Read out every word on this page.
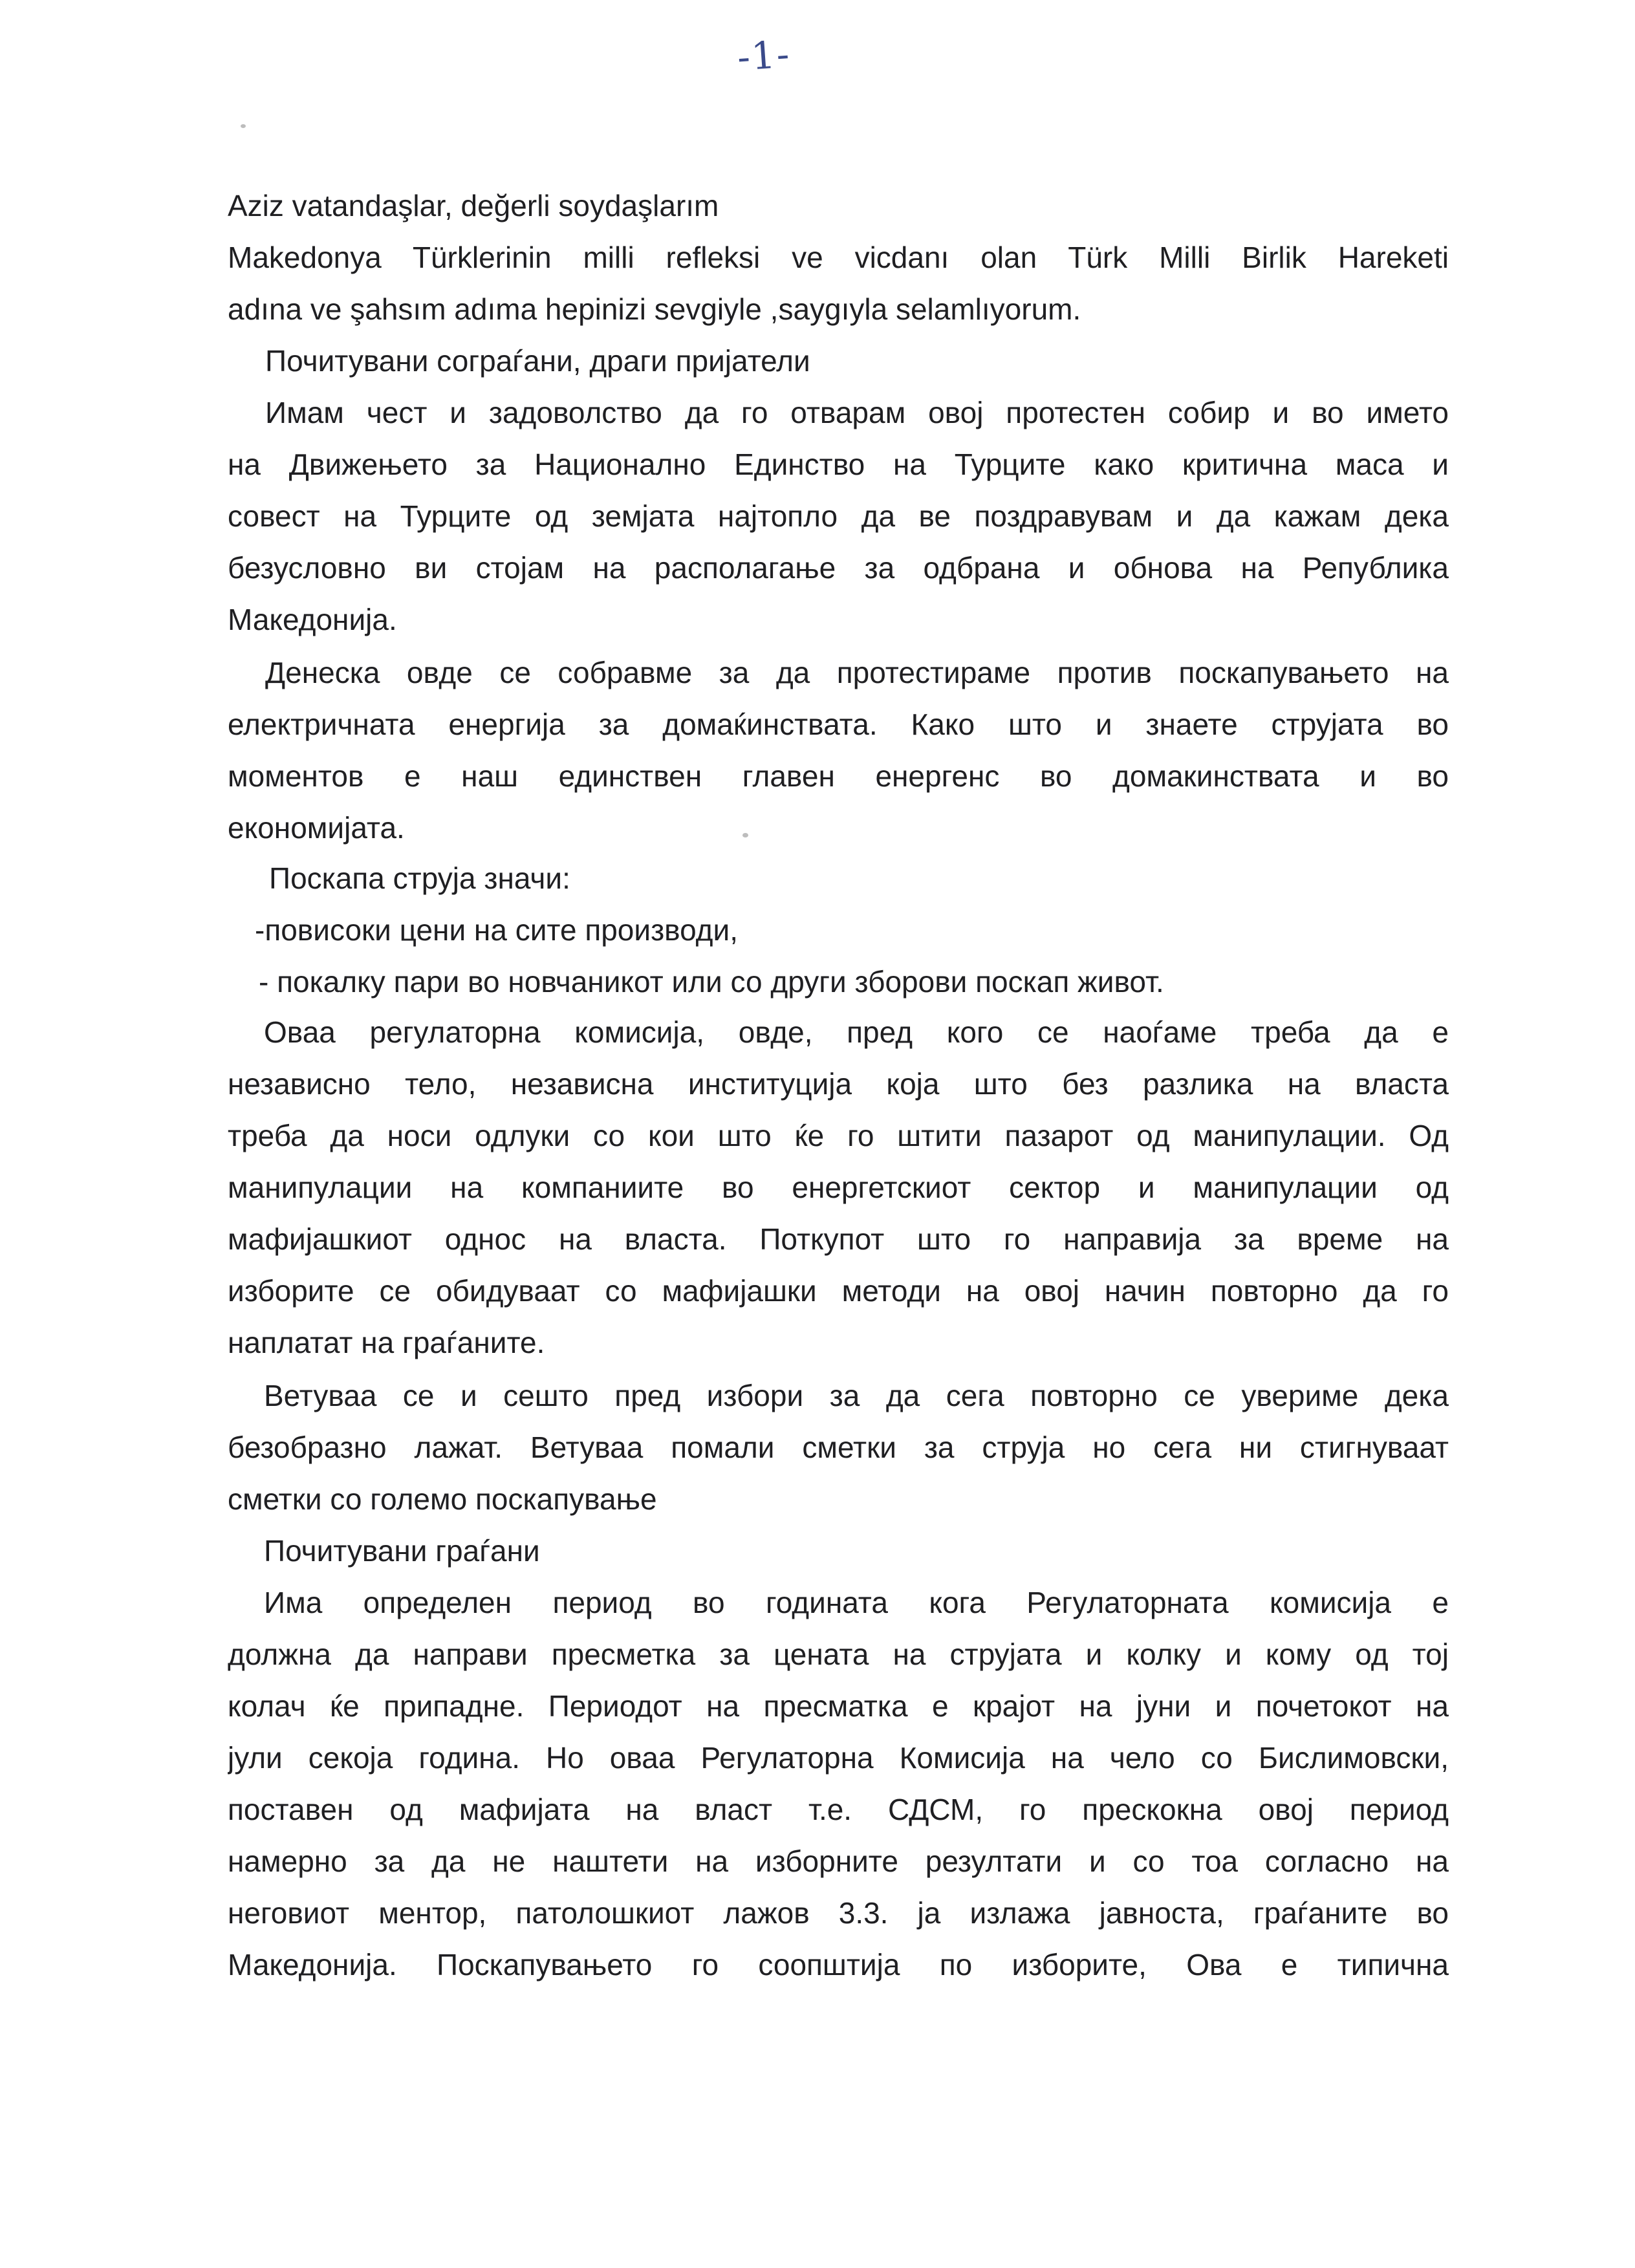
-1-
Aziz vatandaşlar, değerli soydaşlarım
Makedonya Türklerinin milli refleksi ve vicdanı olan Türk Milli Birlik Hareketi
adına ve şahsım adıma hepinizi sevgiyle ,saygıyla selamlıyorum.
Почитувани сограѓани, драги пријатели
Имам чест и задоволство да го отварам овој протестен собир и во името
на Движењето за Национално Единство на Турците како критична маса и
совест на Турците од земјата најтопло да ве поздравувам и да кажам дека
безусловно ви стојам на располагање за одбрана и обнова на Република
Македонија.
Денеска овде се собравме за да протестираме против поскапувањето на
електричната енергија за домаќинствата. Како што и знаете струјата во
моментов е наш единствен главен енергенс во домакинствата и во
економијата.
Поскапа струја значи:
-повисоки цени на сите производи,
- покалку пари во новчаникот или со други зборови поскап живот.
Оваа регулаторна комисија, овде, пред кого се наоѓаме треба да е
независно тело, независна институција која што без разлика на власта
треба да носи одлуки со кои што ќе го штити пазарот од манипулации. Од
манипулации на компаниите во енергетскиот сектор и манипулации од
мафијашкиот однос на власта. Поткупот што го направија за време на
изборите се обидуваат со мафијашки методи на овој начин повторно да го
наплатат на граѓаните.
Ветуваа се и сешто пред избори за да сега повторно се увериме дека
безобразно лажат. Ветуваа помали сметки за струја но сега ни стигнуваат
сметки со големо поскапување
Почитувани граѓани
Има определен период во годината кога Регулаторната комисија е
должна да направи пресметка за цената на струјата и колку и кому од тој
колач ќе припадне. Периодот на пресматка е крајот на јуни и почетокот на
јули секоја година. Но оваа Регулаторна Комисија на чело со Бислимовски,
поставен од мафијата на власт т.е. СДСМ, го прескокна овој период
намерно за да не наштети на изборните резултати и со тоа согласно на
неговиот ментор, патолошкиот лажов 3.3. ја излажа јавноста, граѓаните во
Македонија. Поскапувањето го соопштија по изборите, Ова е типична
